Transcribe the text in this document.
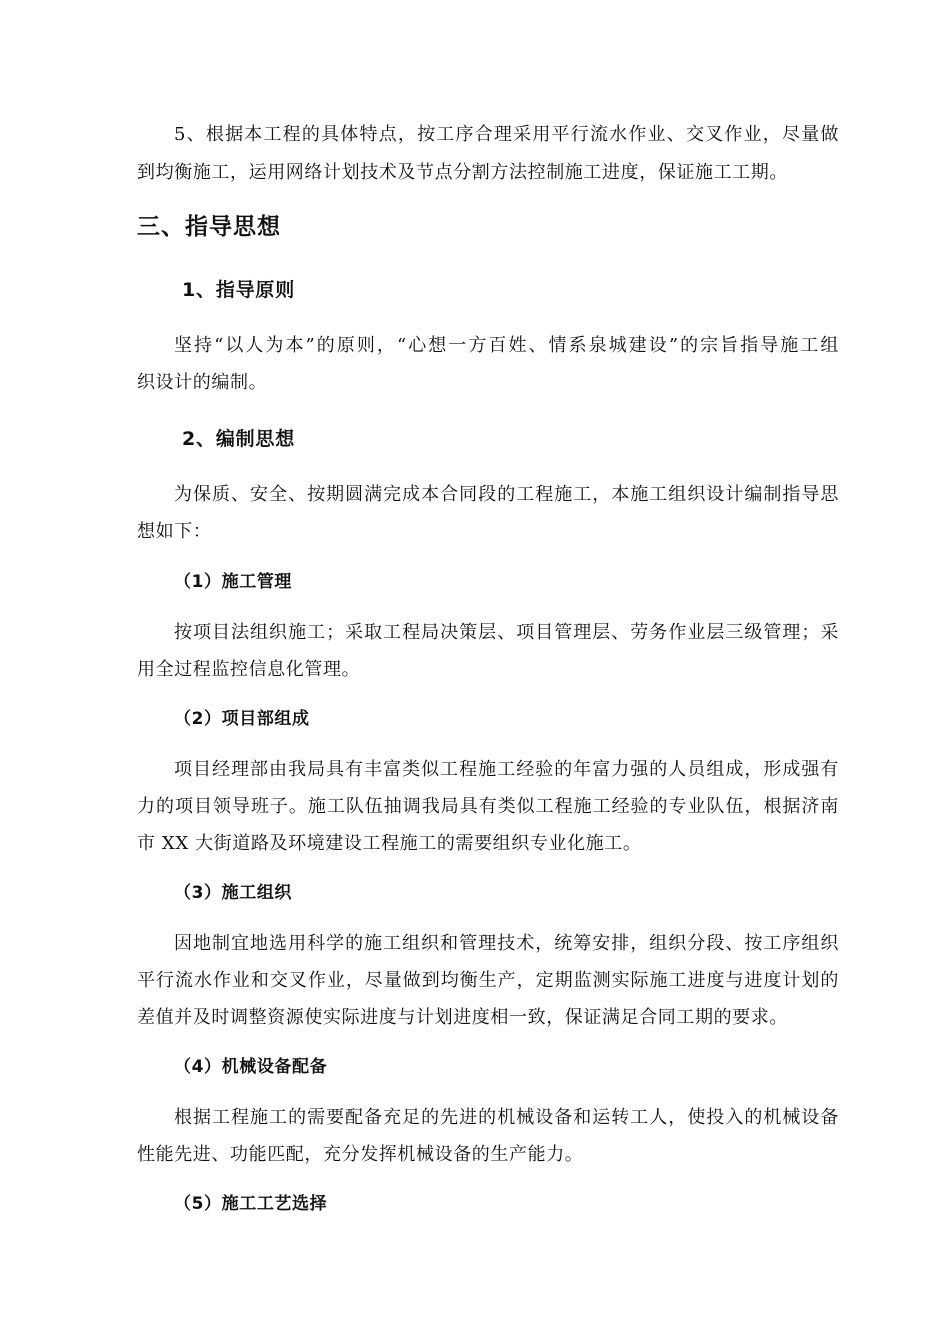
5、根据本工程的具体特点，按工序合理采用平行流水作业、交叉作业，尽量做

到均衡施工，运用网络计划技术及节点分割方法控制施工进度，保证施工工期。

三、指导思想
1、指导原则

坚持“以人为本”的原则，“心想一方百姓、情系泉城建设”的宗旨指导施工组

织设计的编制。

2、编制思想

为保质、安全、按期圆满完成本合同段的工程施工，本施工组织设计编制指导思

想如下：

（1）施工管理

按项目法组织施工；采取工程局决策层、项目管理层、劳务作业层三级管理；采

用全过程监控信息化管理。

（2）项目部组成

项目经理部由我局具有丰富类似工程施工经验的年富力强的人员组成，形成强有

力的项目领导班子。施工队伍抽调我局具有类似工程施工经验的专业队伍，根据济南

市 XX 大街道路及环境建设工程施工的需要组织专业化施工。

（3）施工组织

因地制宜地选用科学的施工组织和管理技术，统筹安排，组织分段、按工序组织

平行流水作业和交叉作业，尽量做到均衡生产，定期监测实际施工进度与进度计划的

差值并及时调整资源使实际进度与计划进度相一致，保证满足合同工期的要求。

（4）机械设备配备

根据工程施工的需要配备充足的先进的机械设备和运转工人，使投入的机械设备

性能先进、功能匹配，充分发挥机械设备的生产能力。

（5）施工工艺选择
